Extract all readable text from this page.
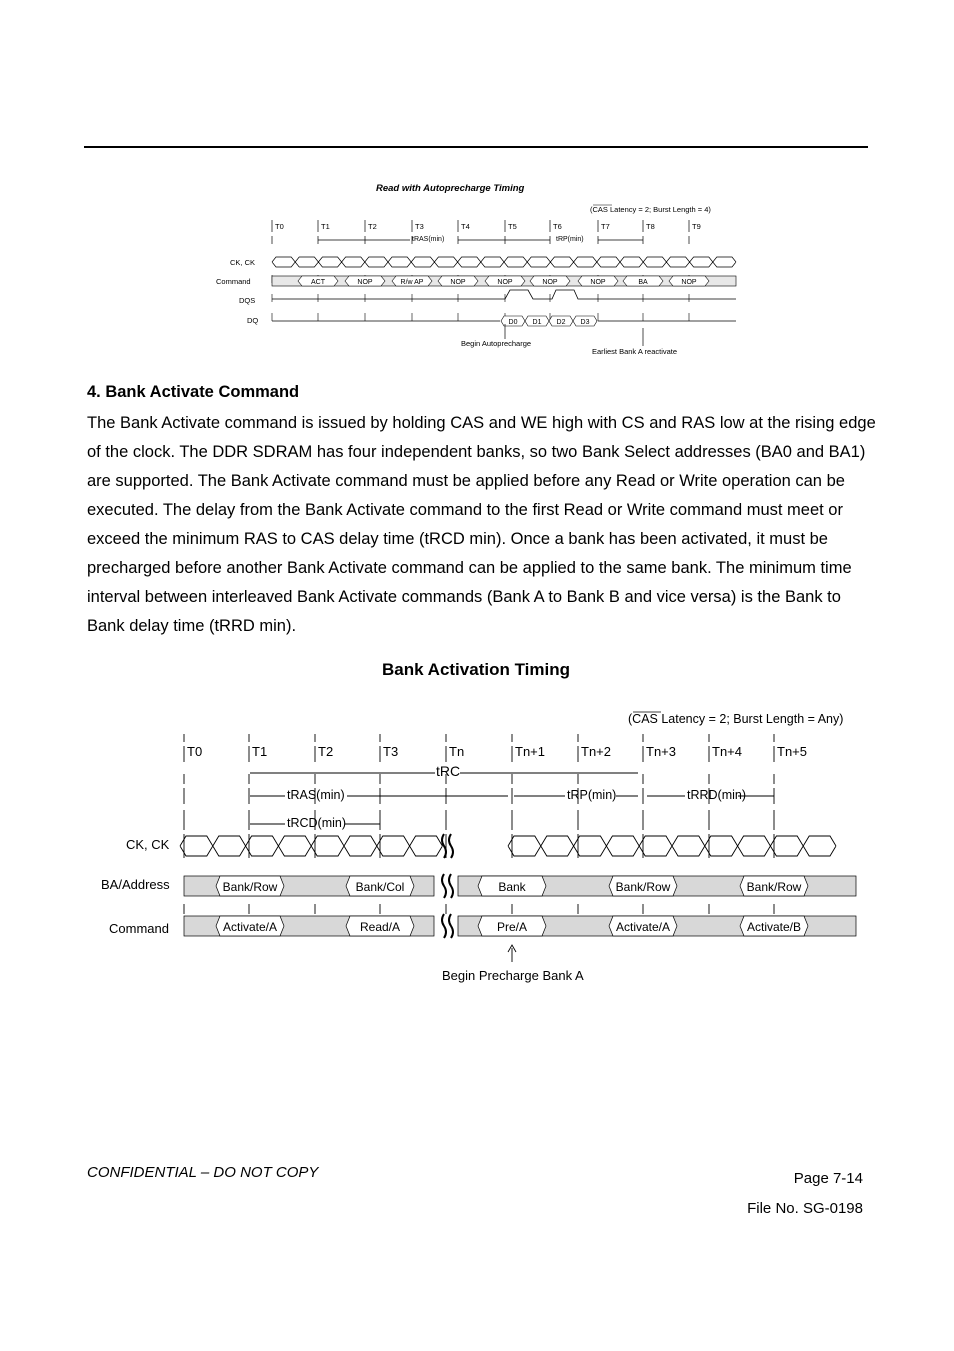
Read with Autoprecharge Timing
(CAS Latency = 2; Burst Length = 4)
T0	T1	T2	T3	T4	T5	T6	T7	T8	T9
tRAS(min)	tRP(min)
CK, CK
Command
DQS
DQ
ACT	NOP	R/w AP	NOP	NOP	NOP	NOP	BA	NOP
D0 D1 D2 D3
Begin Autoprecharge
Earliest Bank A reactivate
4. Bank Activate Command
The Bank Activate command is issued by holding CAS and WE high with CS and RAS low at the rising edge of the clock. The DDR SDRAM has four independent banks, so two Bank Select addresses (BA0 and BA1) are supported. The Bank Activate command must be applied before any Read or Write operation can be executed. The delay from the Bank Activate command to the first Read or Write command must meet or exceed the minimum RAS to CAS delay time (tRCD min). Once a bank has been activated, it must be precharged before another Bank Activate command can be applied to the same bank. The minimum time interval between interleaved Bank Activate commands (Bank A to Bank B and vice versa) is the Bank to Bank delay time (tRRD min).
Bank Activation Timing
(CAS Latency = 2; Burst Length = Any)
T0	T1	T2	T3	Tn	Tn+1	Tn+2	Tn+3	Tn+4	Tn+5
tRC
tRAS(min)	tRP(min)	tRRD(min)
tRCD(min)
CK, CK
BA/Address
Command
Bank/Row	Bank/Col	Bank	Bank/Row	Bank/Row
Activate/A	Read/A	Pre/A	Activate/A	Activate/B
Begin Precharge Bank A
CONFIDENTIAL – DO NOT COPY	Page 7-14
File No. SG-0198
